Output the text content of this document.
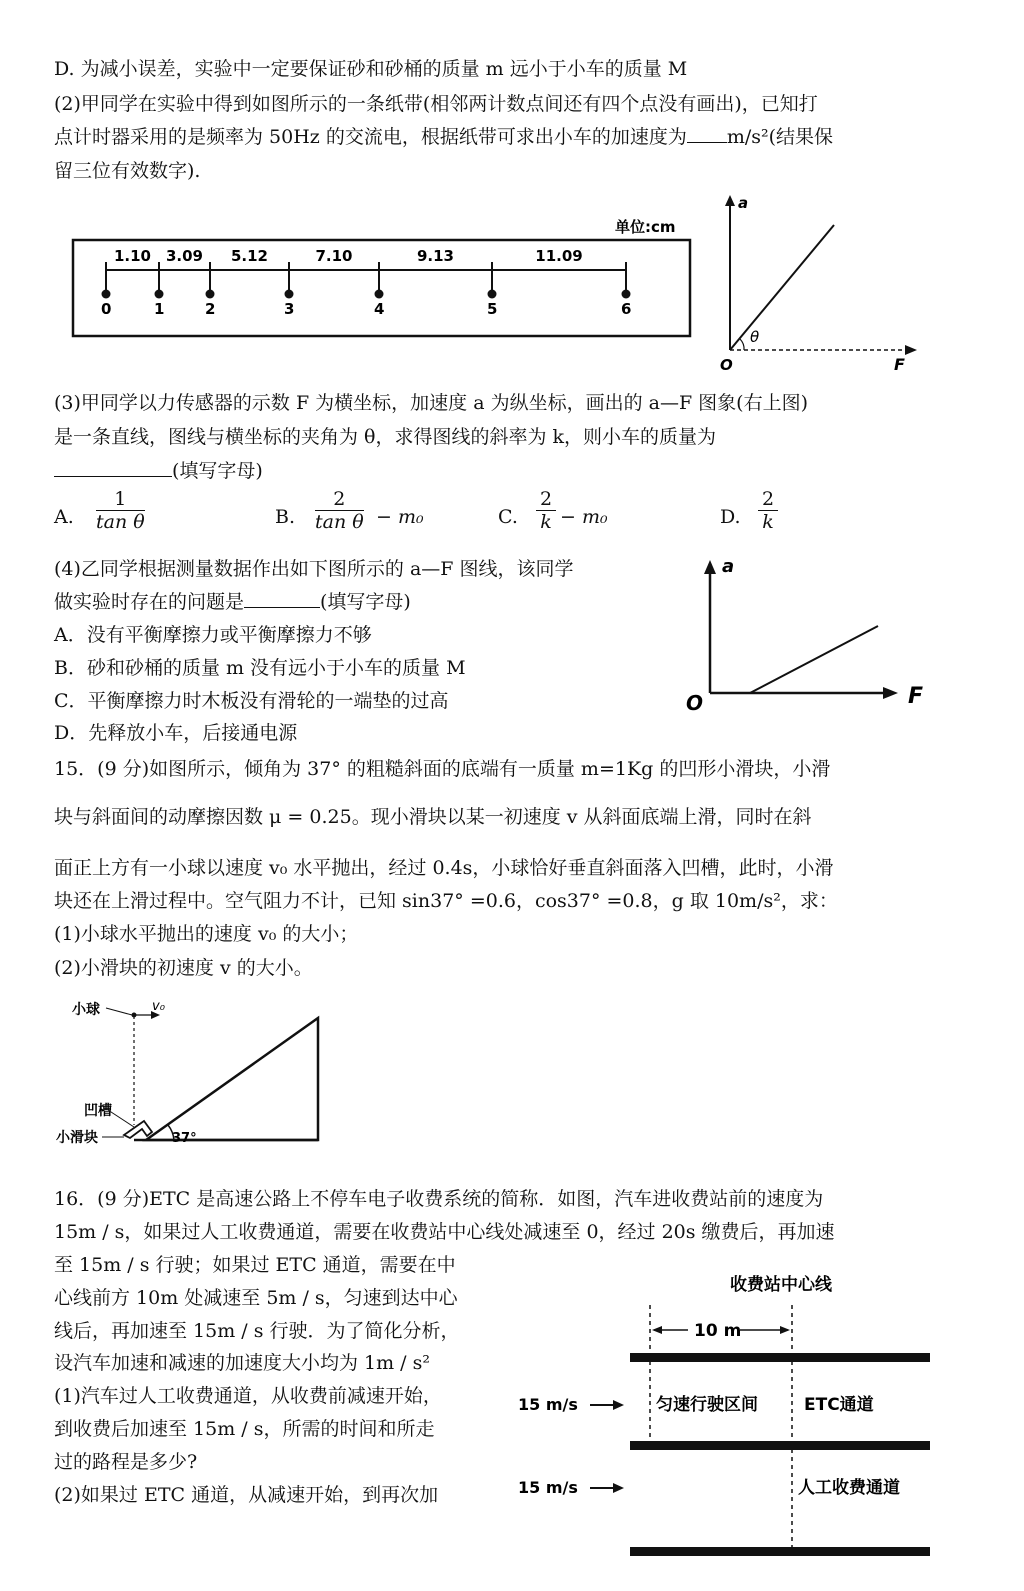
D. 为减小误差，实验中一定要保证砂和砂桶的质量 m 远小于小车的质量 M
(2)甲同学在实验中得到如图所示的一条纸带(相邻两计数点间还有四个点没有画出)，已知打
点计时器采用的是频率为 50Hz 的交流电，根据纸带可求出小车的加速度为 m/s²(结果保
留三位有效数字).
单位:cm
0	1	2	3	4	5	6
1.10 3.09 5.12	7.10	9.13	11.09
a
F
O
θ
(3)甲同学以力传感器的示数 F 为横坐标，加速度 a 为纵坐标，画出的 a—F 图象(右上图)
是一条直线，图线与横坐标的夹角为 θ，求得图线的斜率为 k，则小车的质量为
(填写字母)
A. $\frac{1}{\text{tan θ}}$	B. $\frac{2}{\text{tan θ}} - m_0$	C. $\frac{2}{k} - m_0$	D. $\frac{2}{k}$
(4)乙同学根据测量数据作出如下图所示的 a—F 图线，该同学
做实验时存在的问题是	(填写字母)
A．没有平衡摩擦力或平衡摩擦力不够
B．砂和砂桶的质量 m 没有远小于小车的质量 M
C．平衡摩擦力时木板没有滑轮的一端垫的过高
D．先释放小车，后接通电源
a
F
O
15．(9 分)如图所示，倾角为 37° 的粗糙斜面的底端有一质量 m=1Kg 的凹形小滑块，小滑
块与斜面间的动摩擦因数 μ = 0.25。现小滑块以某一初速度 v 从斜面底端上滑，同时在斜
面正上方有一小球以速度 v₀ 水平抛出，经过 0.4s，小球恰好垂直斜面落入凹槽，此时，小滑
块还在上滑过程中。空气阻力不计，已知 sin37° =0.6，cos37° =0.8，g 取 10m/s²，求：
(1)小球水平抛出的速度 v₀ 的大小；
(2)小滑块的初速度 v 的大小。
小球	v₀
凹槽
小滑块	37°
16．(9 分)ETC 是高速公路上不停车电子收费系统的简称．如图，汽车进收费站前的速度为
15m / s，如果过人工收费通道，需要在收费站中心线处减速至 0，经过 20s 缴费后，再加速
至 15m / s 行驶；如果过 ETC 通道，需要在中
心线前方 10m 处减速至 5m / s，匀速到达中心
线后，再加速至 15m / s 行驶．为了简化分析，
设汽车加速和减速的加速度大小均为 1m / s²
(1)汽车过人工收费通道，从收费前减速开始，
到收费后加速至 15m / s，所需的时间和所走
过的路程是多少?
(2)如果过 ETC 通道，从减速开始，到再次加
收费站中心线
10 m
15 m/s
15 m/s
匀速行驶区间	ETC通道
人工收费通道
